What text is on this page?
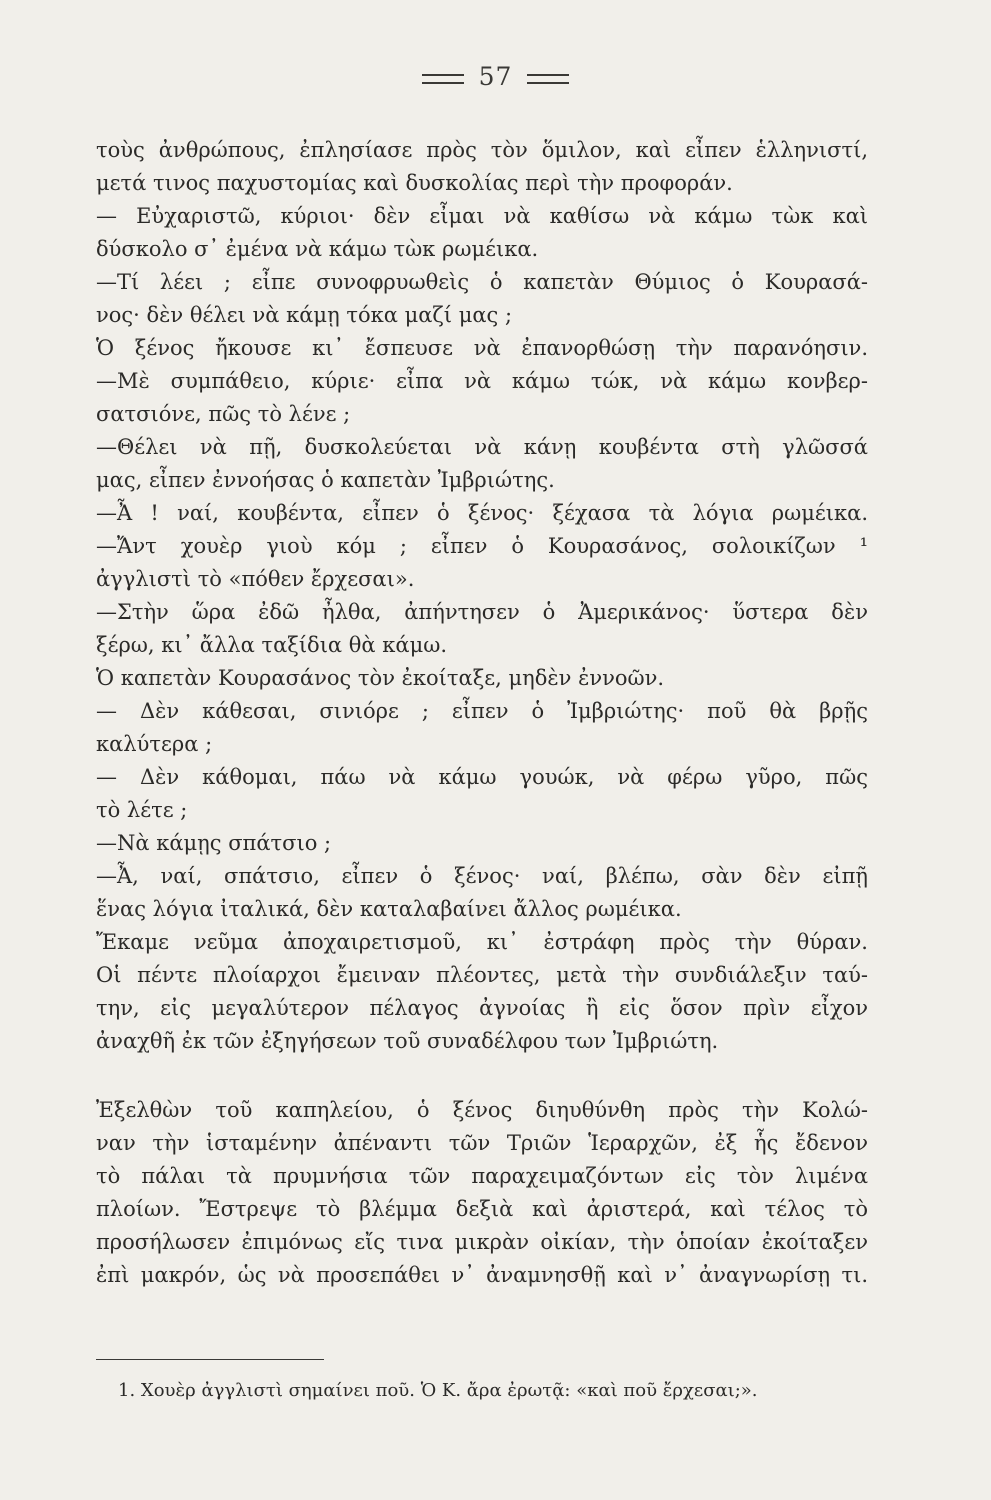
57
τοὺς ἀνθρώπους, ἐπλησίασε πρὸς τὸν ὅμιλον, καὶ εἶπεν ἑλληνιστί,
μετά τινος παχυστομίας καὶ δυσκολίας περὶ τὴν προφοράν.
— Εὐχαριστῶ, κύριοι· δὲν εἶμαι νὰ καθίσω νὰ κάμω τὼκ καὶ
δύσκολο σ᾽ ἐμένα νὰ κάμω τὼκ ρωμέικα.
—Τί λέει ; εἶπε συνοφρυωθεὶς ὁ καπετὰν Θύμιος ὁ Κουρασά-
νος· δὲν θέλει νὰ κάμῃ τόκα μαζί μας ;
Ὁ ξένος ἤκουσε κι᾽ ἔσπευσε νὰ ἐπανορθώσῃ τὴν παρανόησιν.
—Μὲ συμπάθειο, κύριε· εἶπα νὰ κάμω τώκ, νὰ κάμω κονβερ-
σατσιόνε, πῶς τὸ λένε ;
—Θέλει νὰ πῇ, δυσκολεύεται νὰ κάνῃ κουβέντα στὴ γλῶσσά
μας, εἶπεν ἐννοήσας ὁ καπετὰν Ἰμβριώτης.
—Ἆ ! ναί, κουβέντα, εἶπεν ὁ ξένος· ξέχασα τὰ λόγια ρωμέικα.
—Ἄντ χουὲρ γιοὺ κόμ ; εἶπεν ὁ Κουρασάνος, σολοικίζων ¹
ἀγγλιστὶ τὸ «πόθεν ἔρχεσαι».
—Στὴν ὥρα ἐδῶ ἦλθα, ἀπήντησεν ὁ Ἀμερικάνος· ὕστερα δὲν
ξέρω, κι᾽ ἄλλα ταξίδια θὰ κάμω.
Ὁ καπετὰν Κουρασάνος τὸν ἐκοίταξε, μηδὲν ἐννοῶν.
— Δὲν κάθεσαι, σινιόρε ; εἶπεν ὁ Ἰμβριώτης· ποῦ θὰ βρῇς
καλύτερα ;
— Δὲν κάθομαι, πάω νὰ κάμω γουώκ, νὰ φέρω γῦρο, πῶς
τὸ λέτε ;
—Νὰ κάμῃς σπάτσιο ;
—Ἆ, ναί, σπάτσιο, εἶπεν ὁ ξένος· ναί, βλέπω, σὰν δὲν εἰπῇ
ἕνας λόγια ἰταλικά, δὲν καταλαβαίνει ἄλλος ρωμέικα.
Ἔκαμε νεῦμα ἀποχαιρετισμοῦ, κι᾽ ἐστράφη πρὸς τὴν θύραν.
Οἱ πέντε πλοίαρχοι ἔμειναν πλέοντες, μετὰ τὴν συνδιάλεξιν ταύ-
την, εἰς μεγαλύτερον πέλαγος ἀγνοίας ἢ εἰς ὅσον πρὶν εἶχον
ἀναχθῆ ἐκ τῶν ἐξηγήσεων τοῦ συναδέλφου των Ἰμβριώτη.
Ἐξελθὼν τοῦ καπηλείου, ὁ ξένος διηυθύνθη πρὸς τὴν Κολώ-
ναν τὴν ἱσταμένην ἀπέναντι τῶν Τριῶν Ἱεραρχῶν, ἐξ ἧς ἔδενον
τὸ πάλαι τὰ πρυμνήσια τῶν παραχειμαζόντων εἰς τὸν λιμένα
πλοίων. Ἔστρεψε τὸ βλέμμα δεξιὰ καὶ ἀριστερά, καὶ τέλος τὸ
προσήλωσεν ἐπιμόνως εἴς τινα μικρὰν οἰκίαν, τὴν ὁποίαν ἐκοίταξεν
ἐπὶ μακρόν, ὡς νὰ προσεπάθει ν᾽ ἀναμνησθῇ καὶ ν᾽ ἀναγνωρίσῃ τι.
1. Χουὲρ ἀγγλιστὶ σημαίνει ποῦ. Ὁ Κ. ἄρα ἐρωτᾷ: «καὶ ποῦ ἔρχεσαι;».
